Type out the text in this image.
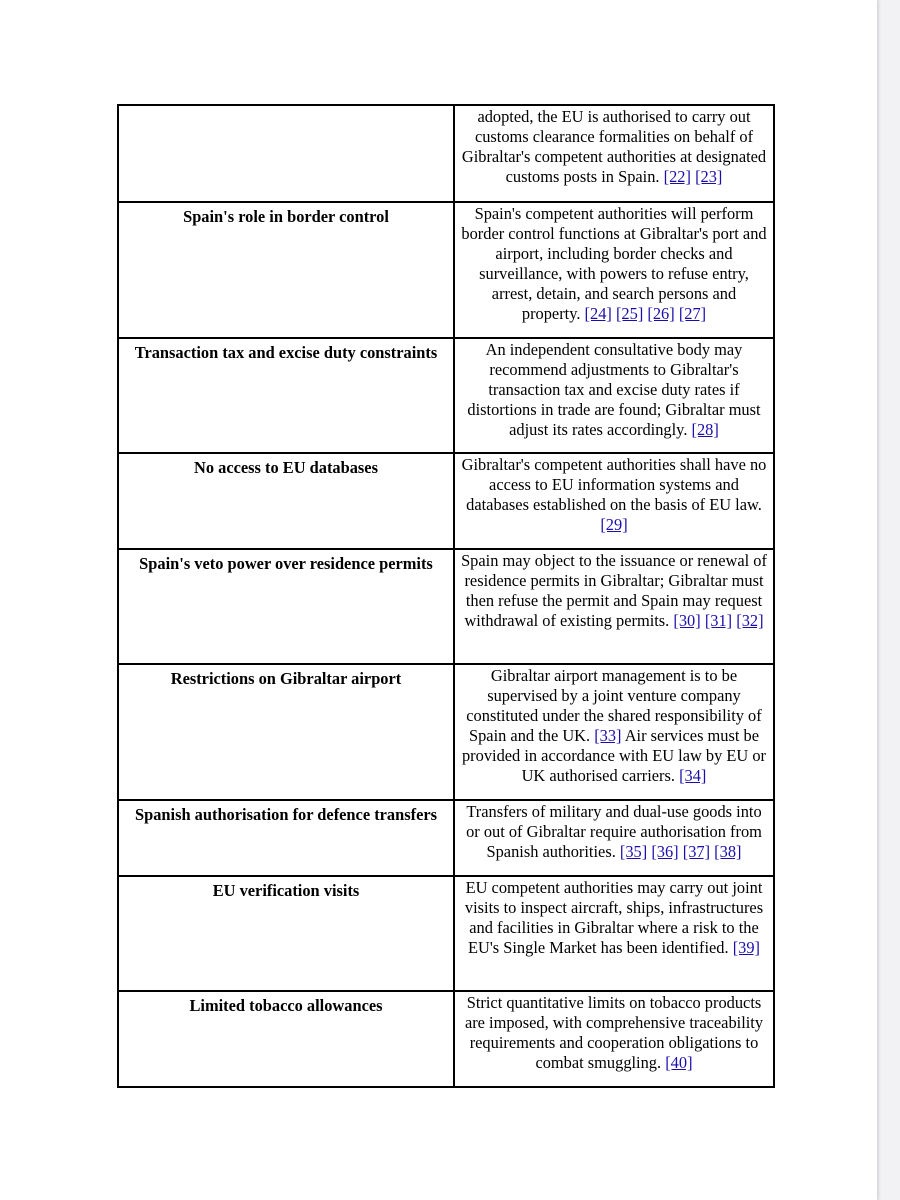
	adopted, the EU is authorised to carry out customs clearance formalities on behalf of Gibraltar's competent authorities at designated customs posts in Spain. [22] [23]
Spain's role in border control	Spain's competent authorities will perform border control functions at Gibraltar's port and airport, including border checks and surveillance, with powers to refuse entry, arrest, detain, and search persons and property. [24] [25] [26] [27]
Transaction tax and excise duty constraints	An independent consultative body may recommend adjustments to Gibraltar's transaction tax and excise duty rates if distortions in trade are found; Gibraltar must adjust its rates accordingly. [28]
No access to EU databases	Gibraltar's competent authorities shall have no access to EU information systems and databases established on the basis of EU law. [29]
Spain's veto power over residence permits	Spain may object to the issuance or renewal of residence permits in Gibraltar; Gibraltar must then refuse the permit and Spain may request withdrawal of existing permits. [30] [31] [32]
Restrictions on Gibraltar airport	Gibraltar airport management is to be supervised by a joint venture company constituted under the shared responsibility of Spain and the UK. [33] Air services must be provided in accordance with EU law by EU or UK authorised carriers. [34]
Spanish authorisation for defence transfers	Transfers of military and dual-use goods into or out of Gibraltar require authorisation from Spanish authorities. [35] [36] [37] [38]
EU verification visits	EU competent authorities may carry out joint visits to inspect aircraft, ships, infrastructures and facilities in Gibraltar where a risk to the EU's Single Market has been identified. [39]
Limited tobacco allowances	Strict quantitative limits on tobacco products are imposed, with comprehensive traceability requirements and cooperation obligations to combat smuggling. [40]
